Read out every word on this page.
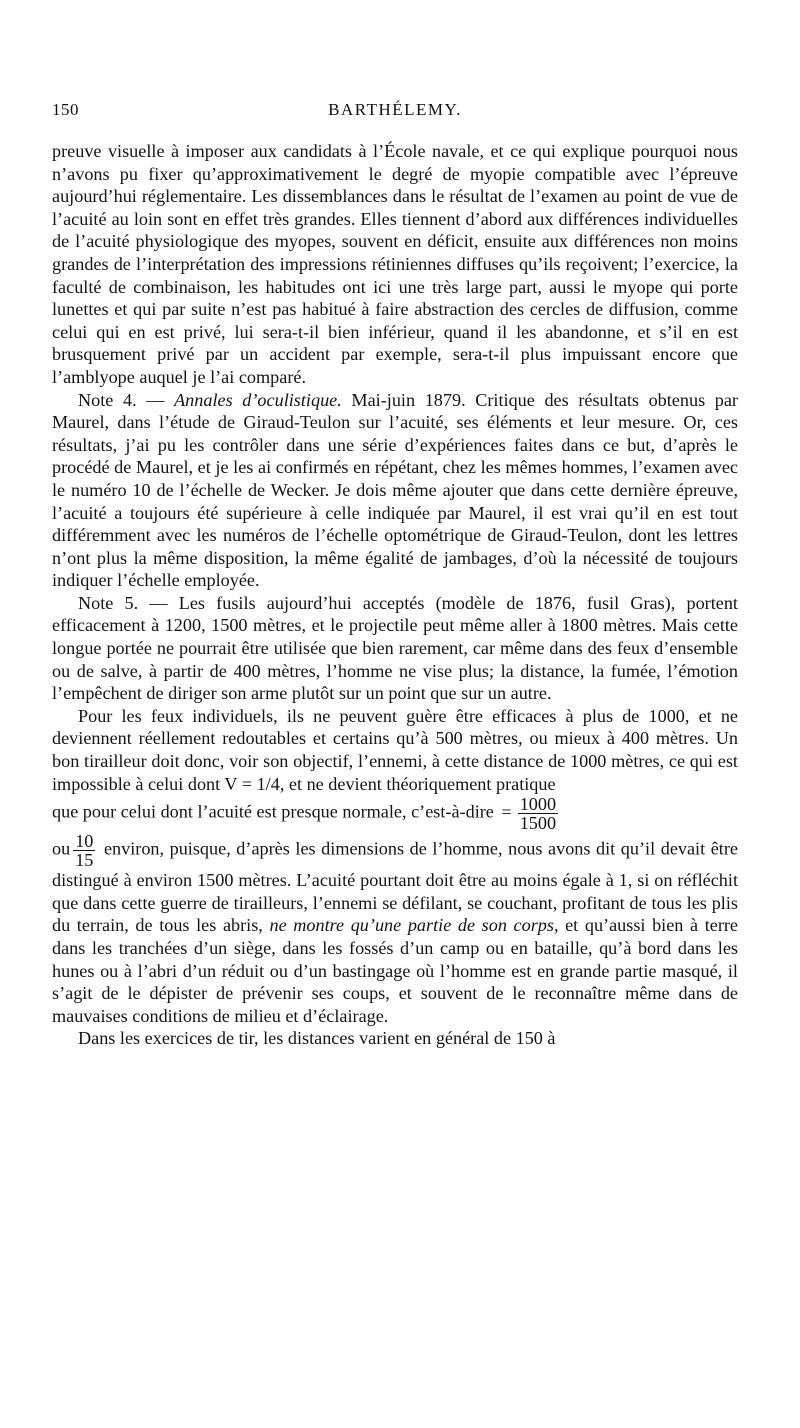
150	BARTHÉLEMY.

preuve visuelle à imposer aux candidats à l’École navale, et ce qui explique pourquoi nous n’avons pu fixer qu’approximativement le degré de myopie compatible avec l’épreuve aujourd’hui réglementaire. Les dissemblances dans le résultat de l’examen au point de vue de l’acuité au loin sont en effet très grandes. Elles tiennent d’abord aux différences individuelles de l’acuité physiologique des myopes, souvent en déficit, ensuite aux différences non moins grandes de l’interprétation des impressions rétiniennes diffuses qu’ils reçoivent; l’exercice, la faculté de combinaison, les habitudes ont ici une très large part, aussi le myope qui porte lunettes et qui par suite n’est pas habitué à faire abstraction des cercles de diffusion, comme celui qui en est privé, lui sera-t-il bien inférieur, quand il les abandonne, et s’il en est brusquement privé par un accident par exemple, sera-t-il plus impuissant encore que l’amblyope auquel je l’ai comparé.

Note 4. — Annales d’oculistique. Mai-juin 1879. Critique des résultats obtenus par Maurel, dans l’étude de Giraud-Teulon sur l’acuité, ses éléments et leur mesure. Or, ces résultats, j’ai pu les contrôler dans une série d’expériences faites dans ce but, d’après le procédé de Maurel, et je les ai confirmés en répétant, chez les mêmes hommes, l’examen avec le numéro 10 de l’échelle de Wecker. Je dois même ajouter que dans cette dernière épreuve, l’acuité a toujours été supérieure à celle indiquée par Maurel, il est vrai qu’il en est tout différemment avec les numéros de l’échelle optométrique de Giraud-Teulon, dont les lettres n’ont plus la même disposition, la même égalité de jambages, d’où la nécessité de toujours indiquer l’échelle employée.

Note 5. — Les fusils aujourd’hui acceptés (modèle de 1876, fusil Gras), portent efficacement à 1200, 1500 mètres, et le projectile peut même aller à 1800 mètres. Mais cette longue portée ne pourrait être utilisée que bien rarement, car même dans des feux d’ensemble ou de salve, à partir de 400 mètres, l’homme ne vise plus; la distance, la fumée, l’émotion l’empêchent de diriger son arme plutôt sur un point que sur un autre.

Pour les feux individuels, ils ne peuvent guère être efficaces à plus de 1000, et ne deviennent réellement redoutables et certains qu’à 500 mètres, ou mieux à 400 mètres. Un bon tirailleur doit donc, voir son objectif, l’ennemi, à cette distance de 1000 mètres, ce qui est impossible à celui dont V = 1/4, et ne devient théoriquement pratique

que pour celui dont l’acuité est presque normale, c’est-à-dire = $\frac{1000}{1500}$

ou $\frac{10}{15}$ environ, puisque, d’après les dimensions de l’homme, nous avons dit qu’il devait être distingué à environ 1500 mètres. L’acuité pourtant doit être au moins égale à 1, si on réfléchit que dans cette guerre de tirailleurs, l’ennemi se défilant, se couchant, profitant de tous les plis du terrain, de tous les abris, ne montre qu’une partie de son corps, et qu’aussi bien à terre dans les tranchées d’un siège, dans les fossés d’un camp ou en bataille, qu’à bord dans les hunes ou à l’abri d’un réduit ou d’un bastingage où l’homme est en grande partie masqué, il s’agit de le dépister de prévenir ses coups, et souvent de le reconnaître même dans de mauvaises conditions de milieu et d’éclairage.

Dans les exercices de tir, les distances varient en général de 150 à
